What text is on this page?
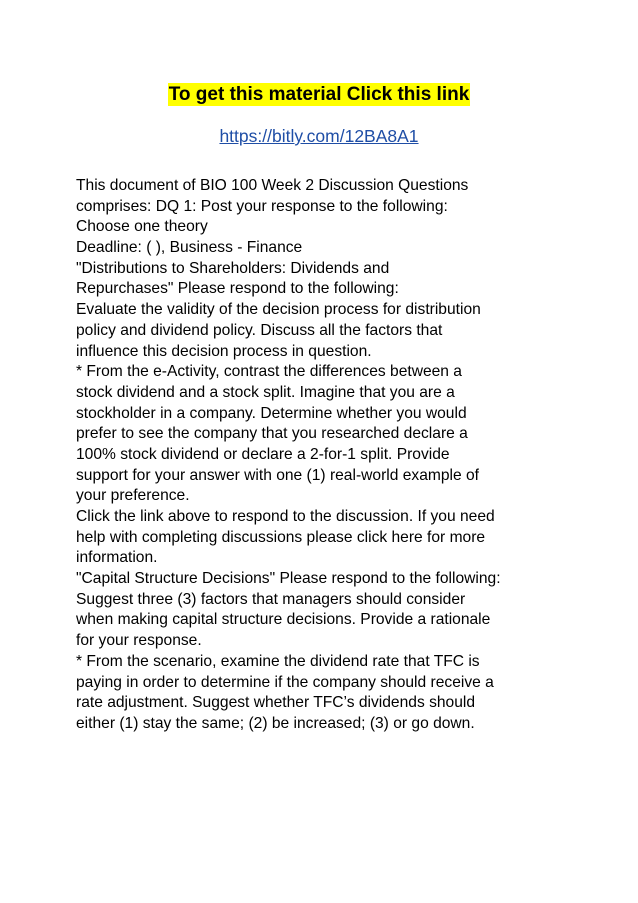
To get this material Click this link
https://bitly.com/12BA8A1
This document of BIO 100 Week 2 Discussion Questions
comprises: DQ 1: Post your response to the following:
Choose one theory
Deadline: ( ), Business - Finance
"Distributions to Shareholders: Dividends and
Repurchases" Please respond to the following:
Evaluate the validity of the decision process for distribution
policy and dividend policy. Discuss all the factors that
influence this decision process in question.
* From the e-Activity, contrast the differences between a
stock dividend and a stock split. Imagine that you are a
stockholder in a company. Determine whether you would
prefer to see the company that you researched declare a
100% stock dividend or declare a 2-for-1 split. Provide
support for your answer with one (1) real-world example of
your preference.
Click the link above to respond to the discussion. If you need
help with completing discussions please click here for more
information.
"Capital Structure Decisions" Please respond to the following:
Suggest three (3) factors that managers should consider
when making capital structure decisions. Provide a rationale
for your response.
* From the scenario, examine the dividend rate that TFC is
paying in order to determine if the company should receive a
rate adjustment. Suggest whether TFC’s dividends should
either (1) stay the same; (2) be increased; (3) or go down.
